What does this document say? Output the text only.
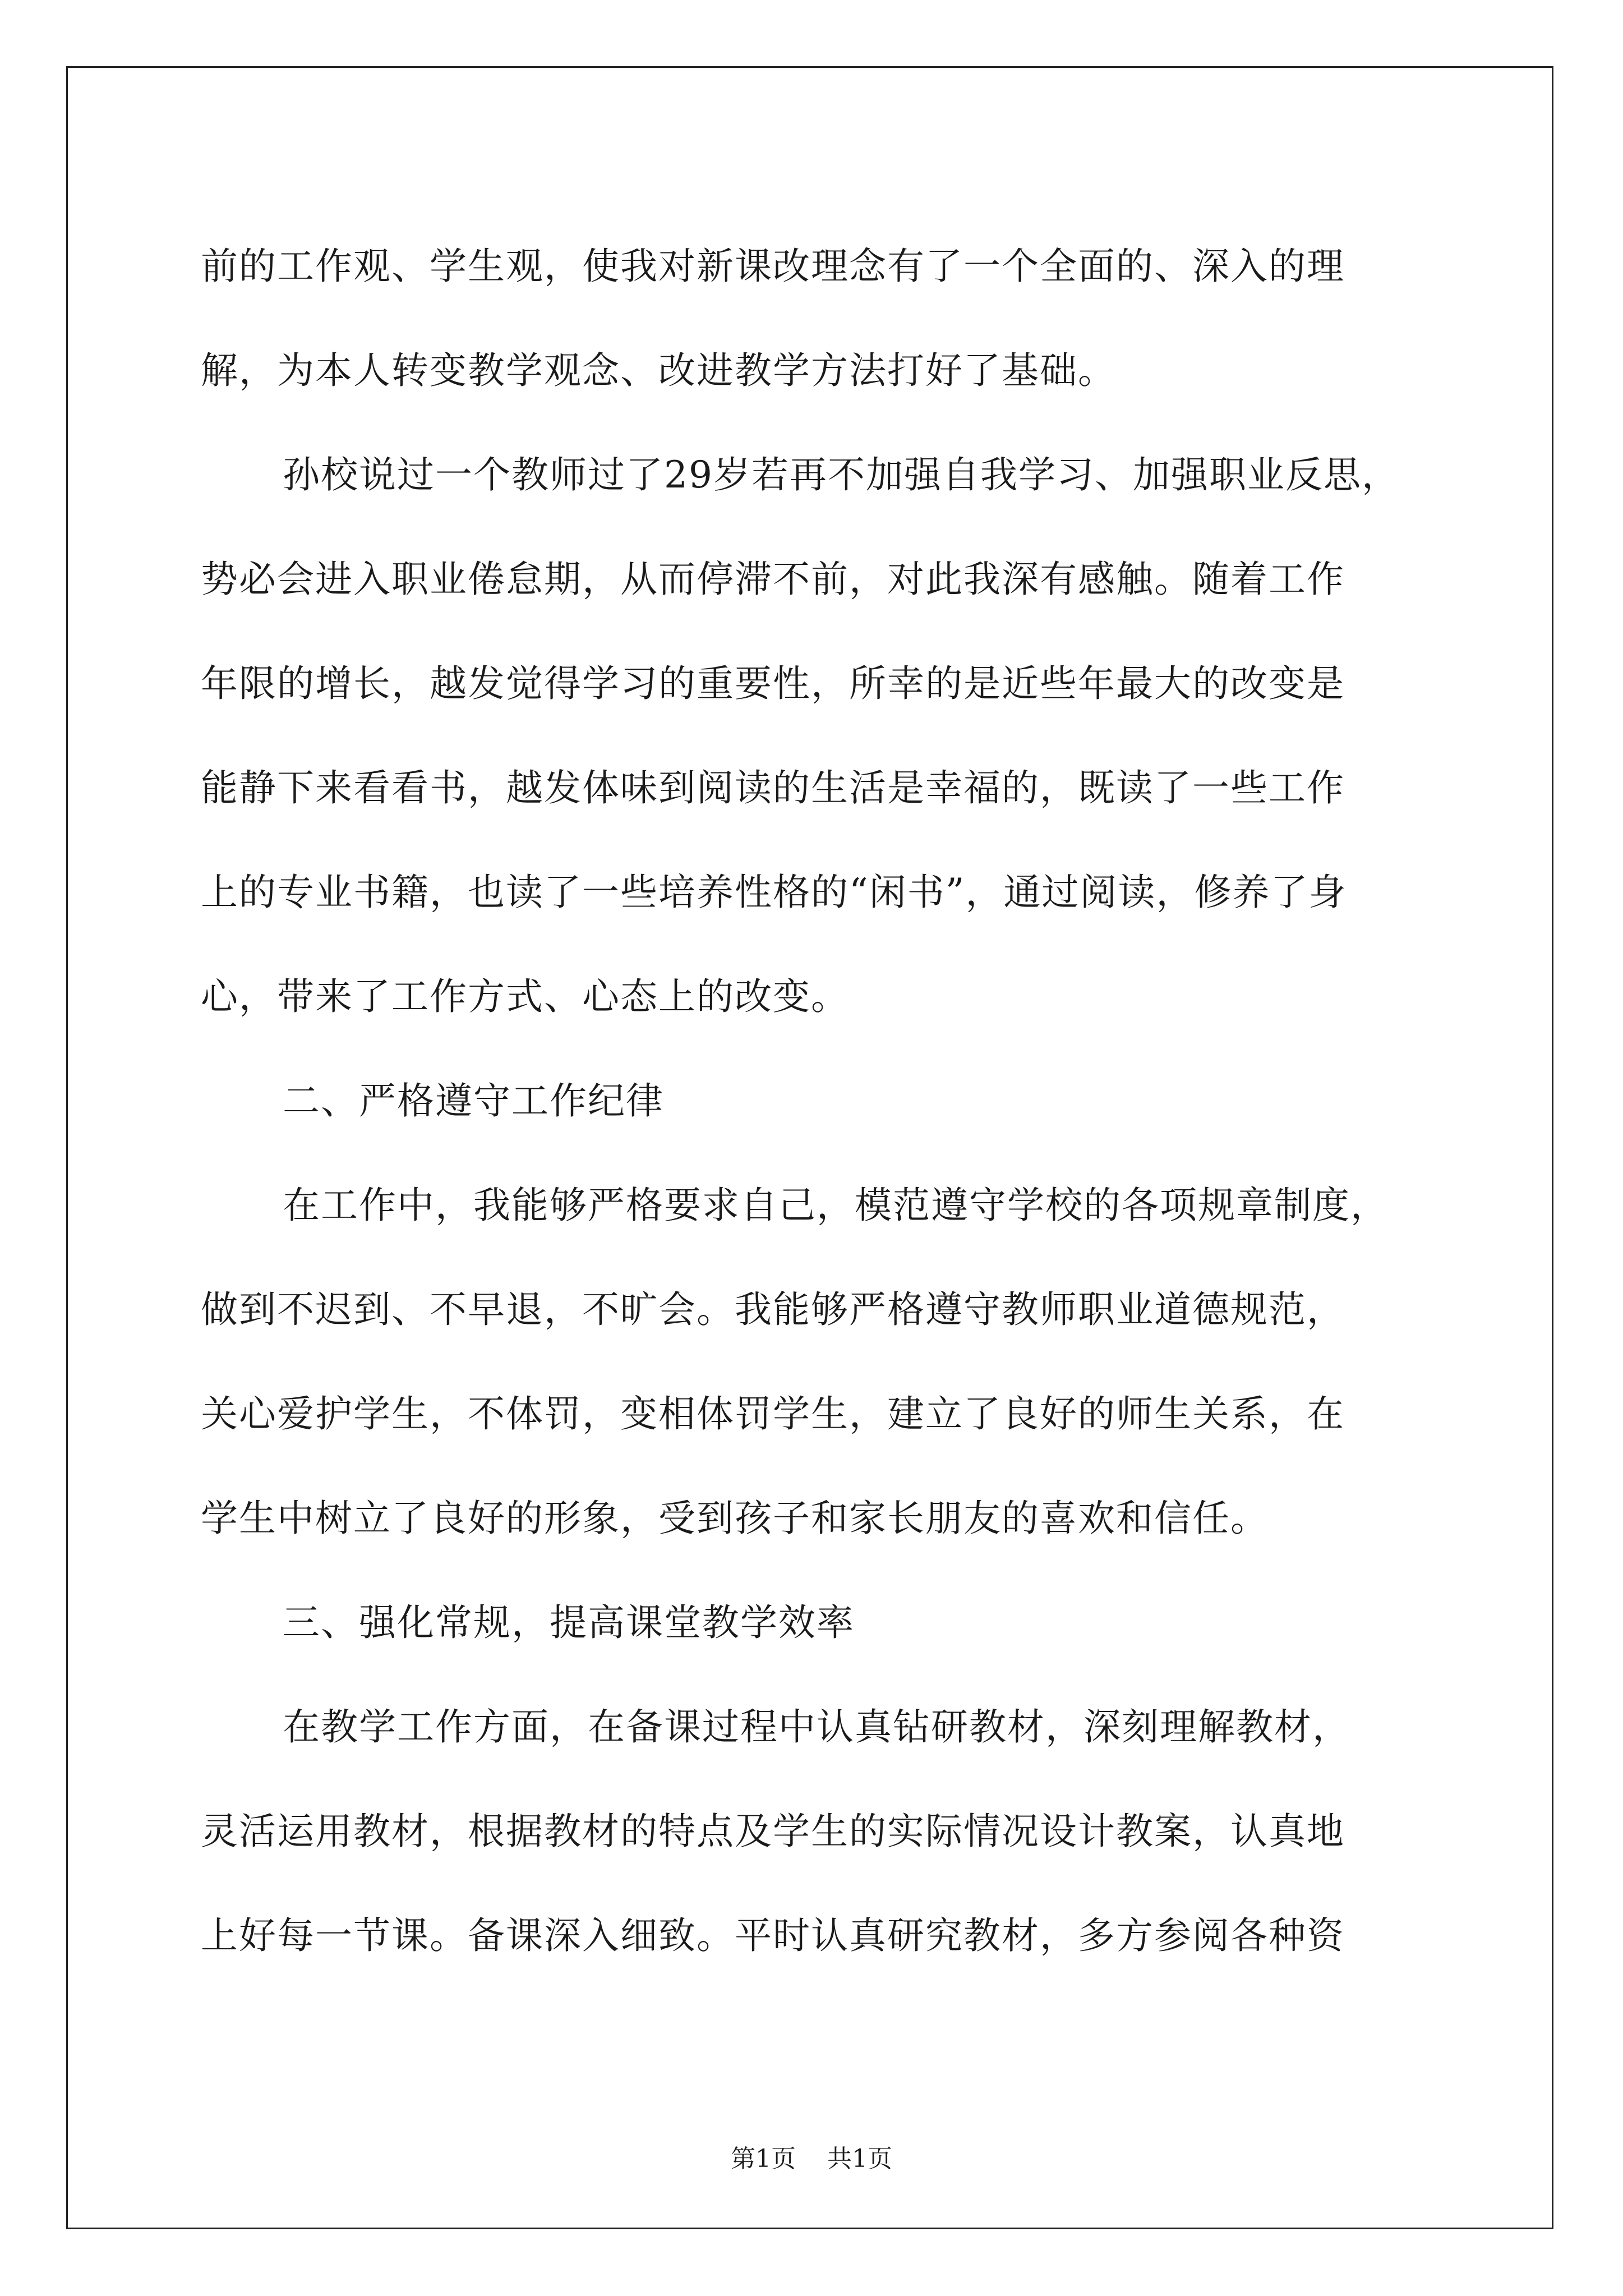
前的工作观、学生观，使我对新课改理念有了一个全面的、深入的理
解，为本人转变教学观念、改进教学方法打好了基础。
孙校说过一个教师过了29岁若再不加强自我学习、加强职业反思，
势必会进入职业倦怠期，从而停滞不前，对此我深有感触。随着工作
年限的增长，越发觉得学习的重要性，所幸的是近些年最大的改变是
能静下来看看书，越发体味到阅读的生活是幸福的，既读了一些工作
上的专业书籍，也读了一些培养性格的“闲书”，通过阅读，修养了身
心，带来了工作方式、心态上的改变。
二、严格遵守工作纪律
在工作中，我能够严格要求自己，模范遵守学校的各项规章制度，
做到不迟到、不早退，不旷会。我能够严格遵守教师职业道德规范，
关心爱护学生，不体罚，变相体罚学生，建立了良好的师生关系，在
学生中树立了良好的形象，受到孩子和家长朋友的喜欢和信任。
三、强化常规，提高课堂教学效率
在教学工作方面，在备课过程中认真钻研教材，深刻理解教材，
灵活运用教材，根据教材的特点及学生的实际情况设计教案，认真地
上好每一节课。备课深入细致。平时认真研究教材，多方参阅各种资
第1页 共1页
